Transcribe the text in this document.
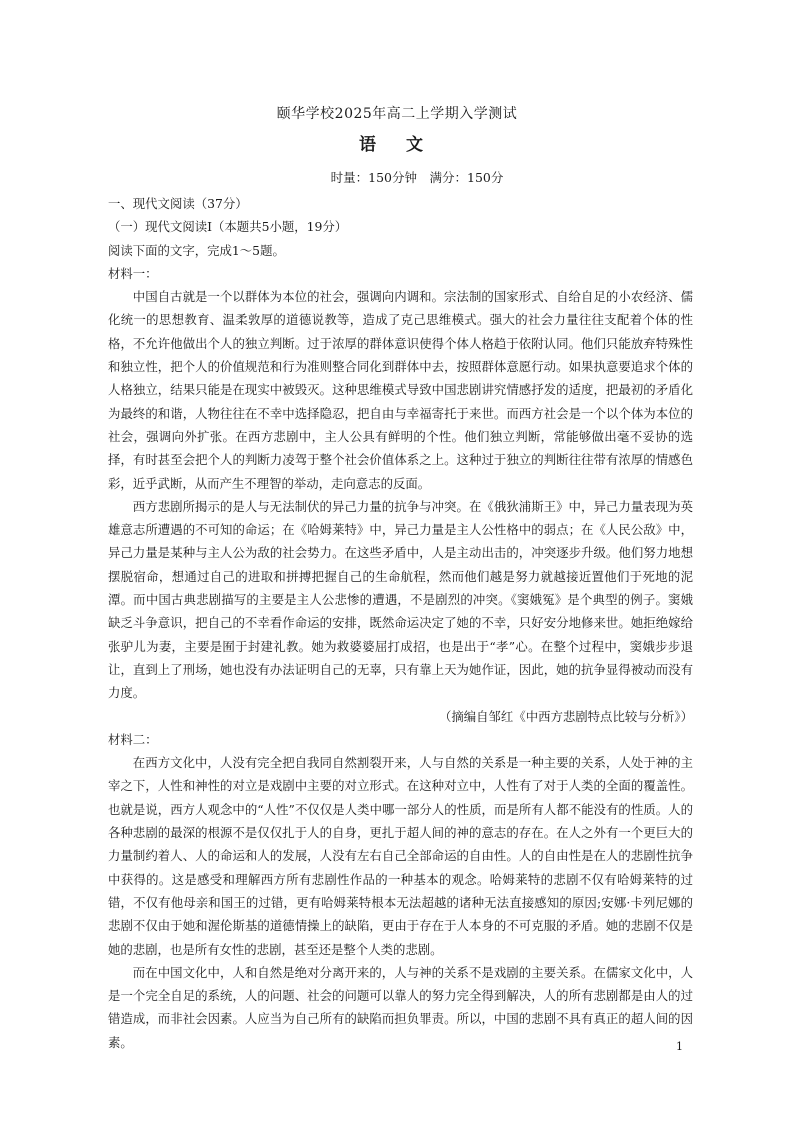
颐华学校2025年高二上学期入学测试
语 文
时量：150分钟　满分：150分
一、现代文阅读（37分）
（一）现代文阅读Ⅰ（本题共5小题，19分）
阅读下面的文字，完成1～5题。
材料一：
中国自古就是一个以群体为本位的社会，强调向内调和。宗法制的国家形式、自给自足的小农经济、儒化统一的思想教育、温柔敦厚的道德说教等，造成了克己思维模式。强大的社会力量往往支配着个体的性格，不允许他做出个人的独立判断。过于浓厚的群体意识使得个体人格趋于依附认同。他们只能放弃特殊性和独立性，把个人的价值规范和行为准则整合同化到群体中去，按照群体意愿行动。如果执意要追求个体的人格独立，结果只能是在现实中被毁灭。这种思维模式导致中国悲剧讲究情感抒发的适度，把最初的矛盾化为最终的和谐，人物往往在不幸中选择隐忍，把自由与幸福寄托于来世。而西方社会是一个以个体为本位的社会，强调向外扩张。在西方悲剧中，主人公具有鲜明的个性。他们独立判断，常能够做出毫不妥协的选择，有时甚至会把个人的判断力凌驾于整个社会价值体系之上。这种过于独立的判断往往带有浓厚的情感色彩，近乎武断，从而产生不理智的举动，走向意志的反面。
西方悲剧所揭示的是人与无法制伏的异己力量的抗争与冲突。在《俄狄浦斯王》中，异己力量表现为英雄意志所遭遇的不可知的命运；在《哈姆莱特》中，异己力量是主人公性格中的弱点；在《人民公敌》中，异己力量是某种与主人公为敌的社会势力。在这些矛盾中，人是主动出击的，冲突逐步升级。他们努力地想摆脱宿命，想通过自己的进取和拼搏把握自己的生命航程，然而他们越是努力就越接近置他们于死地的泥潭。而中国古典悲剧描写的主要是主人公悲惨的遭遇，不是剧烈的冲突。《窦娥冤》是个典型的例子。窦娥缺乏斗争意识，把自己的不幸看作命运的安排，既然命运决定了她的不幸，只好安分地修来世。她拒绝嫁给张驴儿为妻，主要是囿于封建礼教。她为救婆婆屈打成招，也是出于“孝”心。在整个过程中，窦娥步步退让，直到上了刑场，她也没有办法证明自己的无辜，只有靠上天为她作证，因此，她的抗争显得被动而没有力度。
（摘编自邹红《中西方悲剧特点比较与分析》）
材料二：
在西方文化中，人没有完全把自我同自然割裂开来，人与自然的关系是一种主要的关系，人处于神的主宰之下，人性和神性的对立是戏剧中主要的对立形式。在这种对立中，人性有了对于人类的全面的覆盖性。也就是说，西方人观念中的“人性”不仅仅是人类中哪一部分人的性质，而是所有人都不能没有的性质。人的各种悲剧的最深的根源不是仅仅扎于人的自身，更扎于超人间的神的意志的存在。在人之外有一个更巨大的力量制约着人、人的命运和人的发展，人没有左右自己全部命运的自由性。人的自由性是在人的悲剧性抗争中获得的。这是感受和理解西方所有悲剧性作品的一种基本的观念。哈姆莱特的悲剧不仅有哈姆莱特的过错，不仅有他母亲和国王的过错，更有哈姆莱特根本无法超越的诸种无法直接感知的原因;安娜·卡列尼娜的悲剧不仅由于她和渥伦斯基的道德情操上的缺陷，更由于存在于人本身的不可克服的矛盾。她的悲剧不仅是她的悲剧，也是所有女性的悲剧，甚至还是整个人类的悲剧。
而在中国文化中，人和自然是绝对分离开来的，人与神的关系不是戏剧的主要关系。在儒家文化中，人是一个完全自足的系统，人的问题、社会的问题可以靠人的努力完全得到解决，人的所有悲剧都是由人的过错造成，而非社会因素。人应当为自己所有的缺陷而担负罪责。所以，中国的悲剧不具有真正的超人间的因素。	1
